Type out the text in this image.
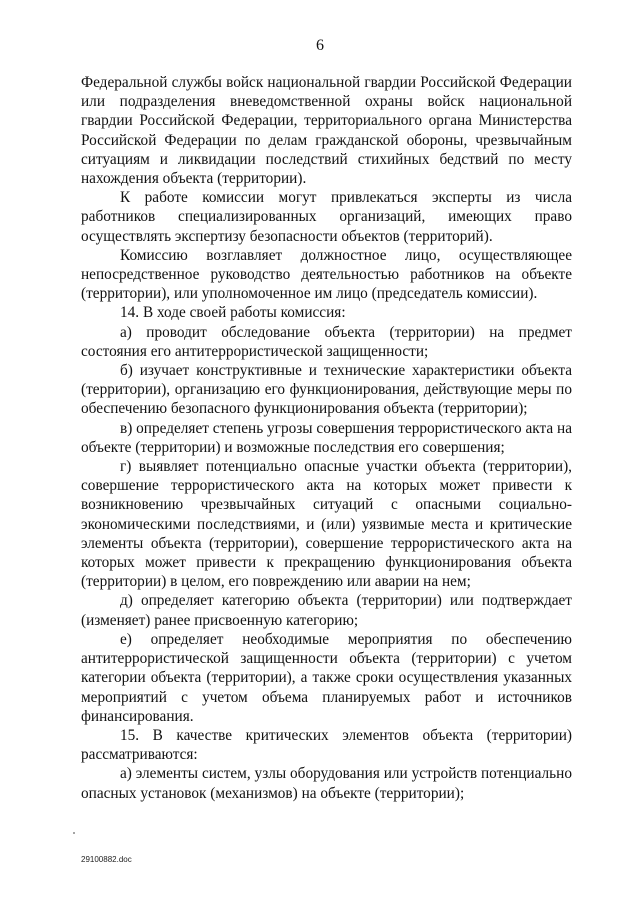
6

Федеральной службы войск национальной гвардии Российской Федерации или подразделения вневедомственной охраны войск национальной гвардии Российской Федерации, территориального органа Министерства Российской Федерации по делам гражданской обороны, чрезвычайным ситуациям и ликвидации последствий стихийных бедствий по месту нахождения объекта (территории).

К работе комиссии могут привлекаться эксперты из числа работников специализированных организаций, имеющих право осуществлять экспертизу безопасности объектов (территорий).

Комиссию возглавляет должностное лицо, осуществляющее непосредственное руководство деятельностью работников на объекте (территории), или уполномоченное им лицо (председатель комиссии).

14. В ходе своей работы комиссия:

а) проводит обследование объекта (территории) на предмет состояния его антитеррористической защищенности;

б) изучает конструктивные и технические характеристики объекта (территории), организацию его функционирования, действующие меры по обеспечению безопасного функционирования объекта (территории);

в) определяет степень угрозы совершения террористического акта на объекте (территории) и возможные последствия его совершения;

г) выявляет потенциально опасные участки объекта (территории), совершение террористического акта на которых может привести к возникновению чрезвычайных ситуаций с опасными социально-экономическими последствиями, и (или) уязвимые места и критические элементы объекта (территории), совершение террористического акта на которых может привести к прекращению функционирования объекта (территории) в целом, его повреждению или аварии на нем;

д) определяет категорию объекта (территории) или подтверждает (изменяет) ранее присвоенную категорию;

е) определяет необходимые мероприятия по обеспечению антитеррористической защищенности объекта (территории) с учетом категории объекта (территории), а также сроки осуществления указанных мероприятий с учетом объема планируемых работ и источников финансирования.

15. В качестве критических элементов объекта (территории) рассматриваются:

а) элементы систем, узлы оборудования или устройств потенциально опасных установок (механизмов) на объекте (территории);

29100882.doc
